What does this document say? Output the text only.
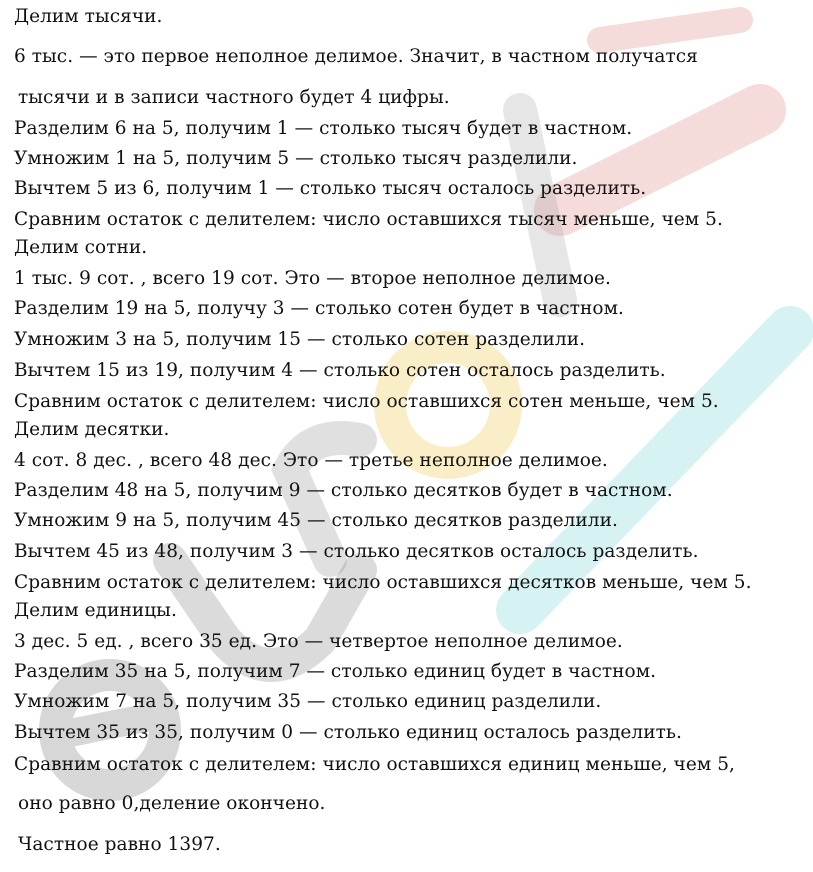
Делим тысячи.
6 тыс. — это первое неполное делимое. Значит, в частном получатся
тысячи и в записи частного будет 4 цифры.
Разделим 6 на 5, получим 1 — столько тысяч будет в частном.
Умножим 1 на 5, получим 5 — столько тысяч разделили.
Вычтем 5 из 6, получим 1 — столько тысяч осталось разделить.
Сравним остаток с делителем: число оставшихся тысяч меньше, чем 5.
Делим сотни.
1 тыс. 9 сот. , всего 19 сот. Это — второе неполное делимое.
Разделим 19 на 5, получу 3 — столько сотен будет в частном.
Умножим 3 на 5, получим 15 — столько сотен разделили.
Вычтем 15 из 19, получим 4 — столько сотен осталось разделить.
Сравним остаток с делителем: число оставшихся сотен меньше, чем 5.
Делим десятки.
4 сот. 8 дес. , всего 48 дес. Это — третье неполное делимое.
Разделим 48 на 5, получим 9 — столько десятков будет в частном.
Умножим 9 на 5, получим 45 — столько десятков разделили.
Вычтем 45 из 48, получим 3 — столько десятков осталось разделить.
Сравним остаток с делителем: число оставшихся десятков меньше, чем 5.
Делим единицы.
3 дес. 5 ед. , всего 35 ед. Это — четвертое неполное делимое.
Разделим 35 на 5, получим 7 — столько единиц будет в частном.
Умножим 7 на 5, получим 35 — столько единиц разделили.
Вычтем 35 из 35, получим 0 — столько единиц осталось разделить.
Сравним остаток с делителем: число оставшихся единиц меньше, чем 5,
оно равно 0,деление окончено.
Частное равно 1397.
